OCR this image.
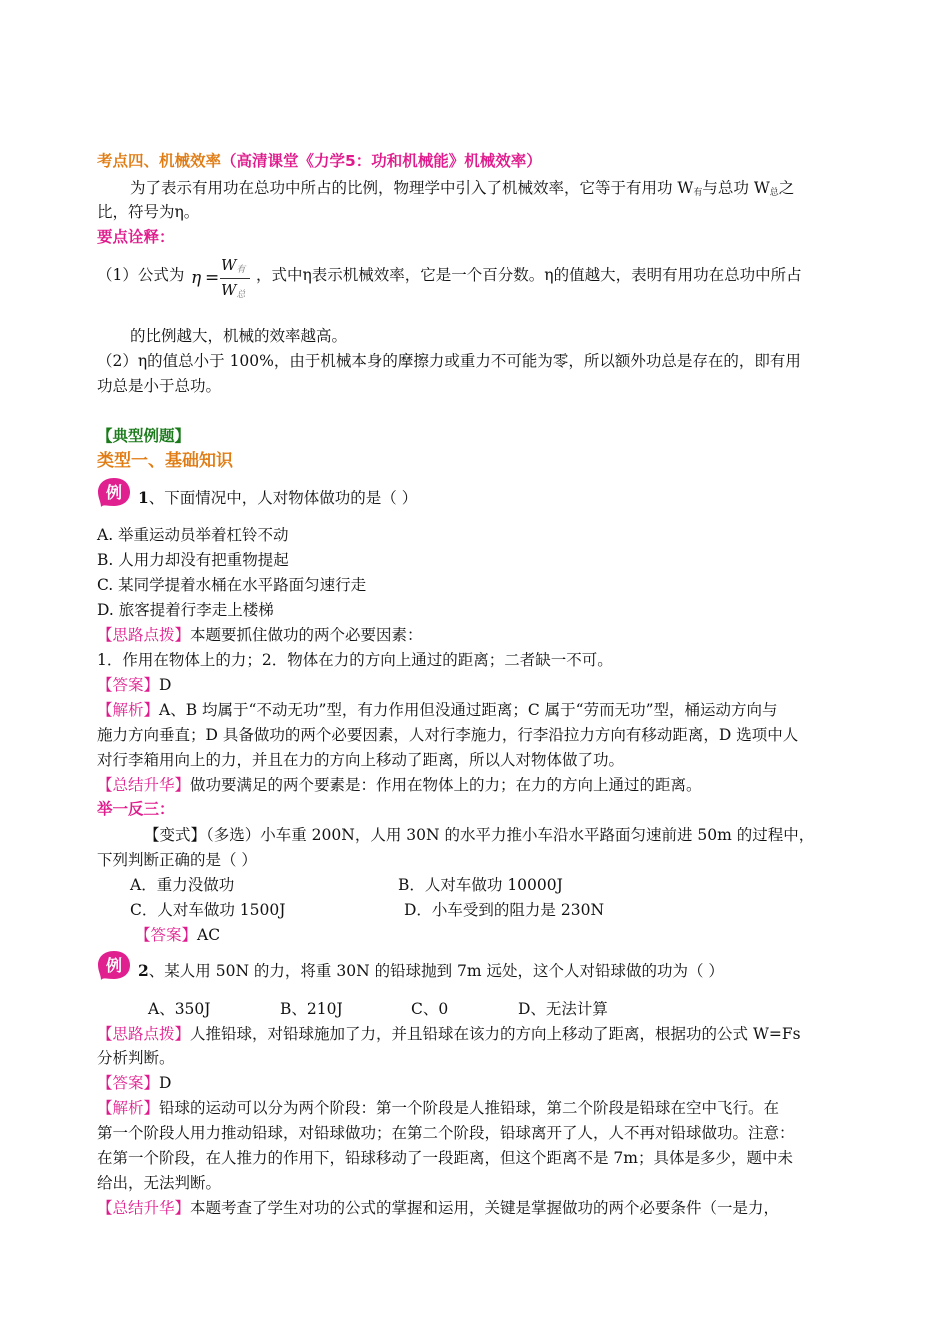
考点四、机械效率（高清课堂《力学5：功和机械能》机械效率）
为了表示有用功在总功中所占的比例，物理学中引入了机械效率，它等于有用功 $W_有$与总功 $W_总$之
比，符号为η。
要点诠释：
（1）公式为 η =
$W_有$
$W_总$
，式中η表示机械效率，它是一个百分数。η的值越大，表明有用功在总功中所占
的比例越大，机械的效率越高。
（2）η的值总小于 100%，由于机械本身的摩擦力或重力不可能为零，所以额外功总是存在的，即有用
功总是小于总功。
【典型例题】
类型一、基础知识
例 1、下面情况中，人对物体做功的是（ ）
A. 举重运动员举着杠铃不动
B. 人用力却没有把重物提起
C. 某同学提着水桶在水平路面匀速行走
D. 旅客提着行李走上楼梯
【思路点拨】本题要抓住做功的两个必要因素：
1．作用在物体上的力；2．物体在力的方向上通过的距离；二者缺一不可。
【答案】D
【解析】A、B 均属于“不动无功”型，有力作用但没通过距离；C 属于“劳而无功”型，桶运动方向与
施力方向垂直；D 具备做功的两个必要因素，人对行李施力，行李沿拉力方向有移动距离，D 选项中人
对行李箱用向上的力，并且在力的方向上移动了距离，所以人对物体做了功。
【总结升华】做功要满足的两个要素是：作用在物体上的力；在力的方向上通过的距离。
举一反三：
【变式】（多选）小车重 200N，人用 30N 的水平力推小车沿水平路面匀速前进 50m 的过程中，
下列判断正确的是（ ）
A．重力没做功	B．人对车做功 10000J
C．人对车做功 1500J	D．小车受到的阻力是 230N
【答案】AC
例 2、某人用 50N 的力，将重 30N 的铅球抛到 7m 远处，这个人对铅球做的功为（ ）
A、350J	B、210J	C、0	D、无法计算
【思路点拨】人推铅球，对铅球施加了力，并且铅球在该力的方向上移动了距离，根据功的公式 W=Fs
分析判断。
【答案】D
【解析】铅球的运动可以分为两个阶段：第一个阶段是人推铅球，第二个阶段是铅球在空中飞行。在
第一个阶段人用力推动铅球，对铅球做功；在第二个阶段，铅球离开了人，人不再对铅球做功。注意：
在第一个阶段，在人推力的作用下，铅球移动了一段距离，但这个距离不是 7m；具体是多少，题中未
给出，无法判断。
【总结升华】本题考查了学生对功的公式的掌握和运用，关键是掌握做功的两个必要条件（一是力，
